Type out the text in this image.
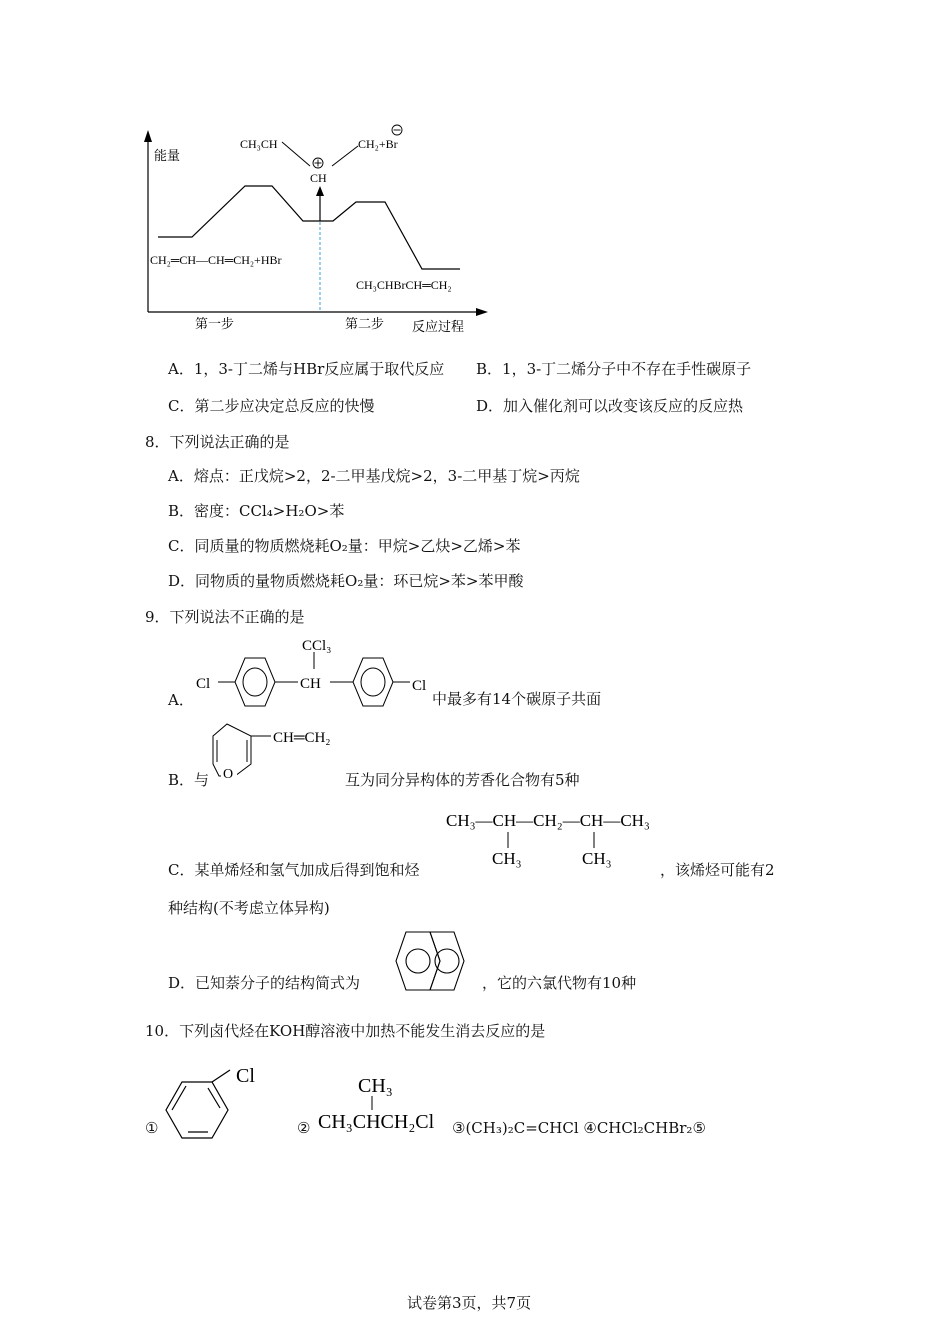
能量
反应过程
第一步	第二步
CH₂═CH—CH═CH₂+HBr
CH₃CH
CH
CH₂+Br
CH₃CHBrCH═CH₂
A．1，3-丁二烯与HBr反应属于取代反应 B．1，3-丁二烯分子中不存在手性碳原子
C．第二步应决定总反应的快慢	D．加入催化剂可以改变该反应的反应热
8．下列说法正确的是
A．熔点：正戊烷>2，2-二甲基戊烷>2，3-二甲基丁烷>丙烷
B．密度：CCl₄>H₂O>苯
C．同质量的物质燃烧耗O₂量：甲烷>乙炔>乙烯>苯
D．同物质的量物质燃烧耗O₂量：环已烷>苯>苯甲酸
9．下列说法不正确的是
A．
Cl	CH
CCl₃
Cl
中最多有14个碳原子共面
B．与 O
CH═CH₂
互为同分异构体的芳香化合物有5种
C．某单烯烃和氢气加成后得到饱和烃
CH₃—CH—CH₂—CH—CH₃
CH₃	CH₃
，该烯烃可能有2
种结构(不考虑立体异构)
D．已知萘分子的结构简式为	，它的六氯代物有10种
10．下列卤代烃在KOH醇溶液中加热不能发生消去反应的是
①
Cl
②
CH₃
CH₃CHCH₂Cl ③(CH₃)₂C=CHCl ④CHCl₂CHBr₂⑤
试卷第3页，共7页
